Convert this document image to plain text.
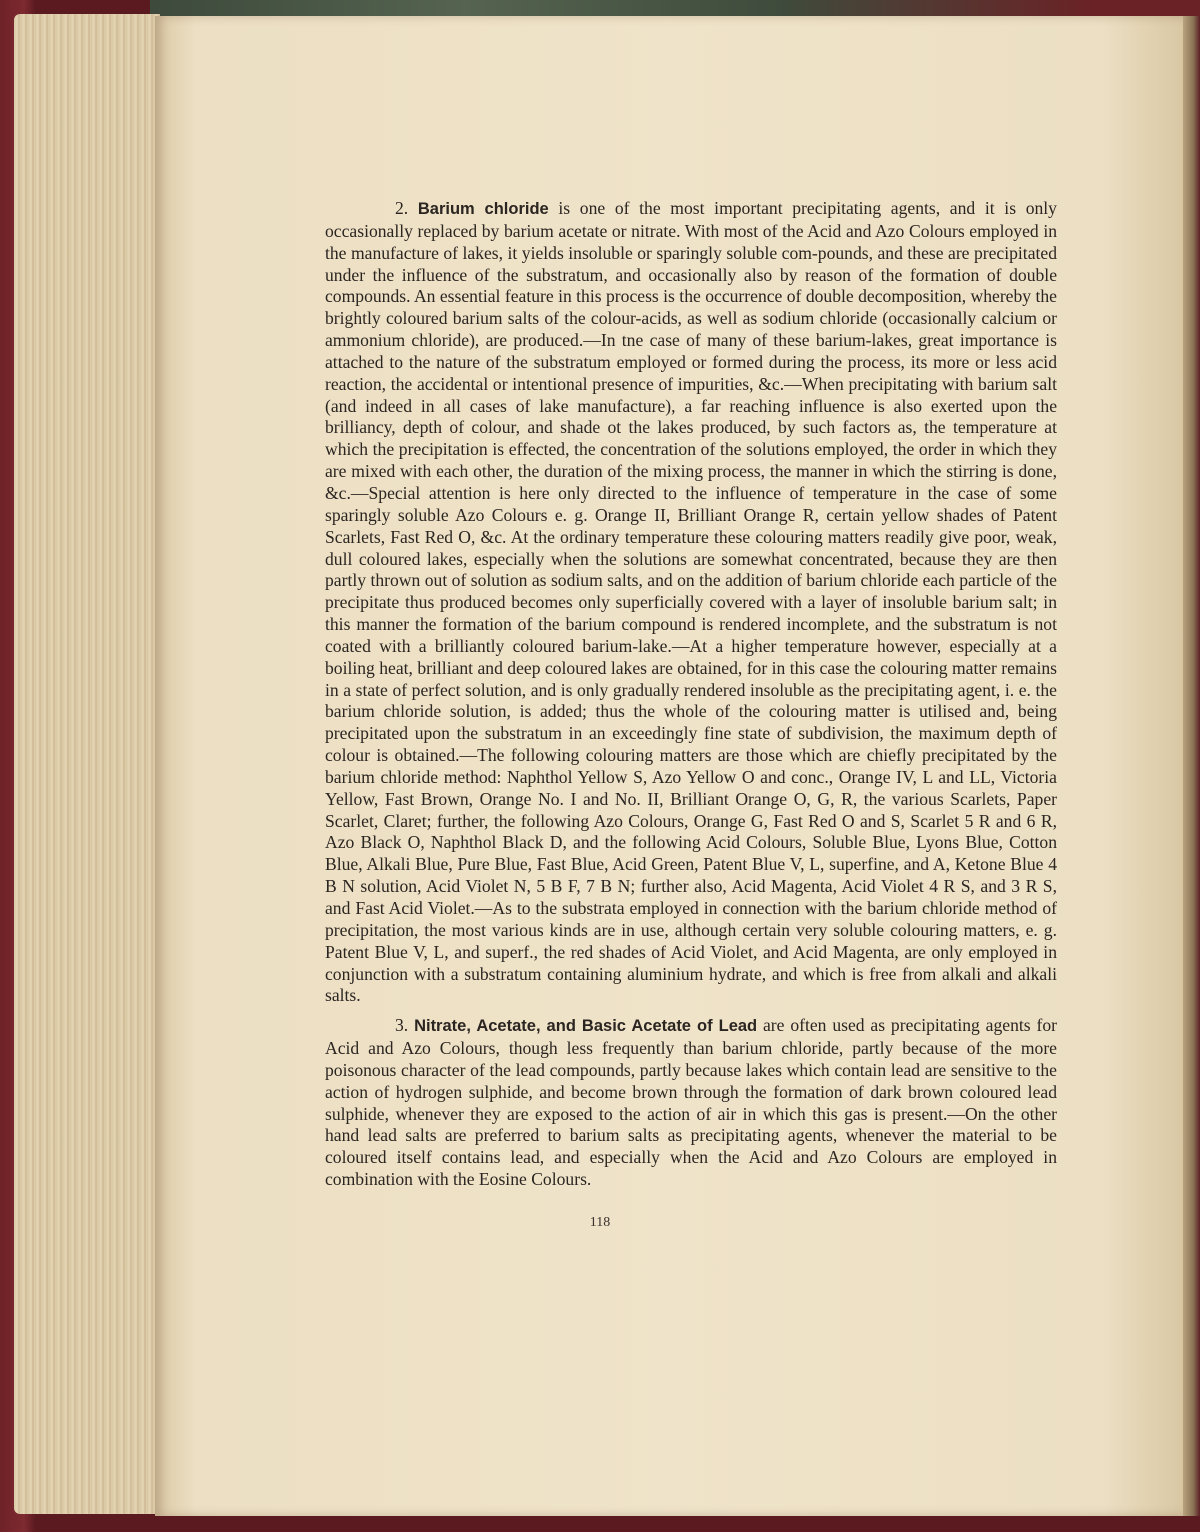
2. Barium chloride is one of the most important precipitating agents, and it is only occasionally replaced by barium acetate or nitrate. With most of the Acid and Azo Colours employed in the manufacture of lakes, it yields insoluble or sparingly soluble com-pounds, and these are precipitated under the influence of the substratum, and occasionally also by reason of the formation of double compounds. An essential feature in this process is the occurrence of double decomposition, whereby the brightly coloured barium salts of the colour-acids, as well as sodium chloride (occasionally calcium or ammonium chloride), are produced.—In tne case of many of these barium-lakes, great importance is attached to the nature of the substratum employed or formed during the process, its more or less acid reaction, the accidental or intentional presence of impurities, &c.—When precipitating with barium salt (and indeed in all cases of lake manufacture), a far reaching influence is also exerted upon the brilliancy, depth of colour, and shade ot the lakes produced, by such factors as, the temperature at which the precipitation is effected, the concentration of the solutions employed, the order in which they are mixed with each other, the duration of the mixing process, the manner in which the stirring is done, &c.—Special attention is here only directed to the influence of temperature in the case of some sparingly soluble Azo Colours e. g. Orange II, Brilliant Orange R, certain yellow shades of Patent Scarlets, Fast Red O, &c. At the ordinary temperature these colouring matters readily give poor, weak, dull coloured lakes, especially when the solutions are somewhat concentrated, because they are then partly thrown out of solution as sodium salts, and on the addition of barium chloride each particle of the precipitate thus produced becomes only superficially covered with a layer of insoluble barium salt; in this manner the formation of the barium compound is rendered incomplete, and the substratum is not coated with a brilliantly coloured barium-lake.—At a higher temperature however, especially at a boiling heat, brilliant and deep coloured lakes are obtained, for in this case the colouring matter remains in a state of perfect solution, and is only gradually rendered insoluble as the precipitating agent, i. e. the barium chloride solution, is added; thus the whole of the colouring matter is utilised and, being precipitated upon the substratum in an exceedingly fine state of subdivision, the maximum depth of colour is obtained.—The following colouring matters are those which are chiefly precipitated by the barium chloride method: Naphthol Yellow S, Azo Yellow O and conc., Orange IV, L and LL, Victoria Yellow, Fast Brown, Orange No. I and No. II, Brilliant Orange O, G, R, the various Scarlets, Paper Scarlet, Claret; further, the following Azo Colours, Orange G, Fast Red O and S, Scarlet 5 R and 6 R, Azo Black O, Naphthol Black D, and the following Acid Colours, Soluble Blue, Lyons Blue, Cotton Blue, Alkali Blue, Pure Blue, Fast Blue, Acid Green, Patent Blue V, L, superfine, and A, Ketone Blue 4 B N solution, Acid Violet N, 5 B F, 7 B N; further also, Acid Magenta, Acid Violet 4 R S, and 3 R S, and Fast Acid Violet.—As to the substrata employed in connection with the barium chloride method of precipitation, the most various kinds are in use, although certain very soluble colouring matters, e. g. Patent Blue V, L, and superf., the red shades of Acid Violet, and Acid Magenta, are only employed in conjunction with a substratum containing aluminium hydrate, and which is free from alkali and alkali salts.

3. Nitrate, Acetate, and Basic Acetate of Lead are often used as precipitating agents for Acid and Azo Colours, though less frequently than barium chloride, partly because of the more poisonous character of the lead compounds, partly because lakes which contain lead are sensitive to the action of hydrogen sulphide, and become brown through the formation of dark brown coloured lead sulphide, whenever they are exposed to the action of air in which this gas is present.—On the other hand lead salts are preferred to barium salts as precipitating agents, whenever the material to be coloured itself contains lead, and especially when the Acid and Azo Colours are employed in combination with the Eosine Colours.

118
